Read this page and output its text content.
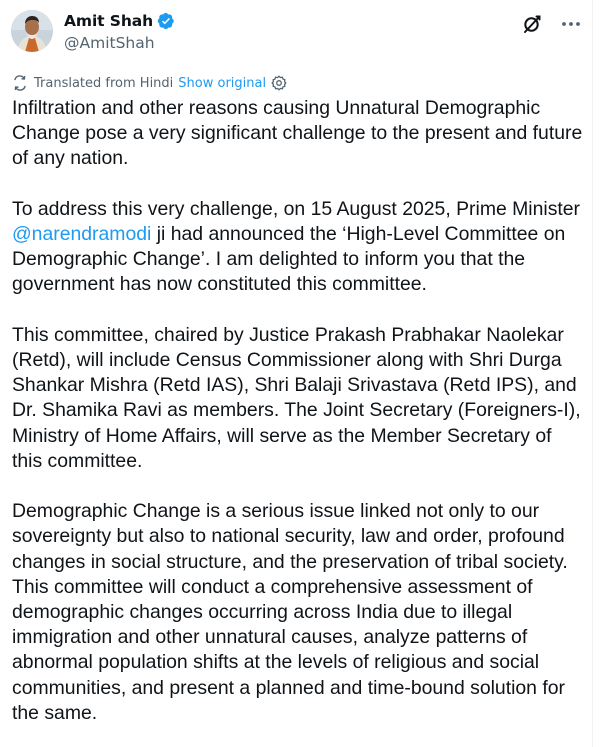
Amit Shah
@AmitShah
Translated from Hindi Show original

Infiltration and other reasons causing Unnatural Demographic Change pose a very significant challenge to the present and future of any nation.

To address this very challenge, on 15 August 2025, Prime Minister @narendramodi ji had announced the ‘High-Level Committee on Demographic Change’. I am delighted to inform you that the government has now constituted this committee.

This committee, chaired by Justice Prakash Prabhakar Naolekar (Retd), will include Census Commissioner along with Shri Durga Shankar Mishra (Retd IAS), Shri Balaji Srivastava (Retd IPS), and Dr. Shamika Ravi as members. The Joint Secretary (Foreigners-I), Ministry of Home Affairs, will serve as the Member Secretary of this committee.

Demographic Change is a serious issue linked not only to our sovereignty but also to national security, law and order, profound changes in social structure, and the preservation of tribal society. This committee will conduct a comprehensive assessment of demographic changes occurring across India due to illegal immigration and other unnatural causes, analyze patterns of abnormal population shifts at the levels of religious and social communities, and present a planned and time-bound solution for the same.
